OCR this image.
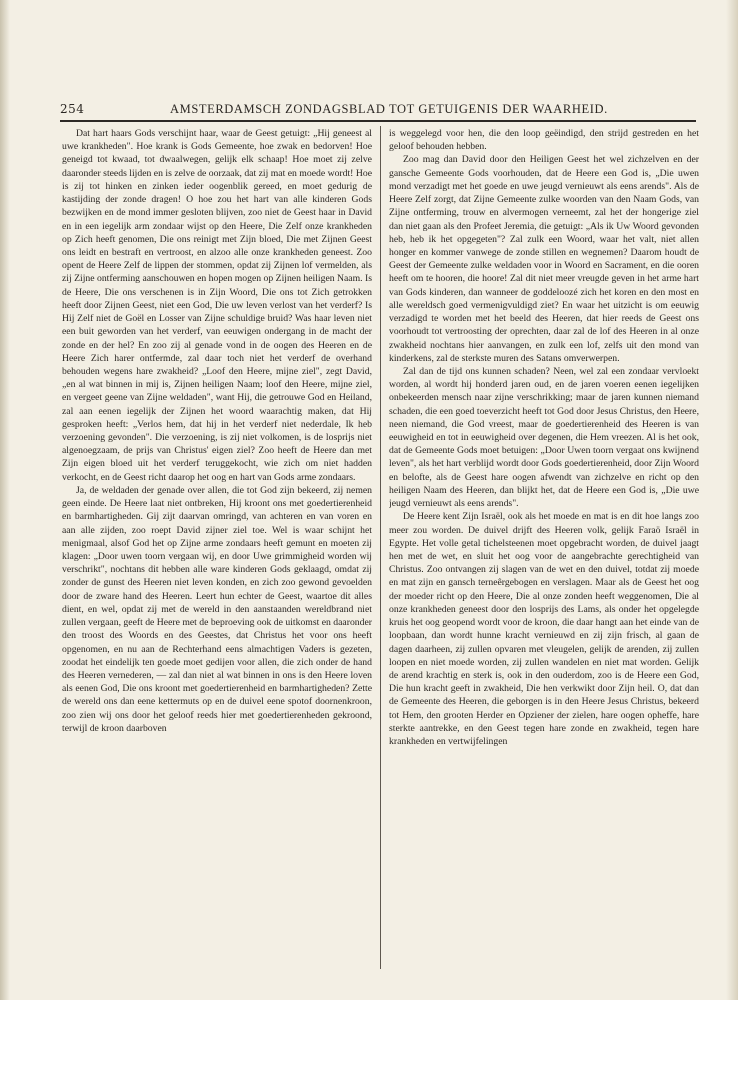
254	AMSTERDAMSCH ZONDAGSBLAD TOT GETUIGENIS DER WAARHEID.

Dat hart haars Gods verschijnt haar, waar de Geest getuigt: „Hij geneest al uwe krankheden". Hoe krank is Gods Gemeente, hoe zwak en bedorven! Hoe geneigd tot kwaad, tot dwaalwegen, gelijk elk schaap! Hoe moet zij zelve daaronder steeds lijden en is zelve de oorzaak, dat zij mat en moede wordt! Hoe is zij tot hinken en zinken ieder oogenblik gereed, en moet gedurig de kastijding der zonde dragen! O hoe zou het hart van alle kinderen Gods bezwijken en de mond immer gesloten blijven, zoo niet de Geest haar in David en in een iegelijk arm zondaar wijst op den Heere, Die Zelf onze krankheden op Zich heeft genomen, Die ons reinigt met Zijn bloed, Die met Zijnen Geest ons leidt en bestraft en vertroost, en alzoo alle onze krankheden geneest. Zoo opent de Heere Zelf de lippen der stommen, opdat zij Zijnen lof vermelden, als zij Zijne ontferming aanschouwen en hopen mogen op Zijnen heiligen Naam. Is de Heere, Die ons verschenen is in Zijn Woord, Die ons tot Zich getrokken heeft door Zijnen Geest, niet een God, Die uw leven verlost van het verderf? Is Hij Zelf niet de Goël en Losser van Zijne schuldige bruid? Was haar leven niet een buit geworden van het verderf, van eeuwigen ondergang in de macht der zonde en der hel? En zoo zij al genade vond in de oogen des Heeren en de Heere Zich harer ontfermde, zal daar toch niet het verderf de overhand behouden wegens hare zwakheid? „Loof den Heere, mijne ziel", zegt David, „en al wat binnen in mij is, Zijnen heiligen Naam; loof den Heere, mijne ziel, en vergeet geene van Zijne weldaden", want Hij, die getrouwe God en Heiland, zal aan eenen iegelijk der Zijnen het woord waarachtig maken, dat Hij gesproken heeft: „Verlos hem, dat hij in het verderf niet nederdale, Ik heb verzoening gevonden". Die verzoening, is zij niet volkomen, is de losprijs niet algenoegzaam, de prijs van Christus' eigen ziel? Zoo heeft de Heere dan met Zijn eigen bloed uit het verderf teruggekocht, wie zich om niet hadden verkocht, en de Geest richt daarop het oog en hart van Gods arme zondaars.

Ja, de weldaden der genade over allen, die tot God zijn bekeerd, zij nemen geen einde. De Heere laat niet ontbreken, Hij kroont ons met goedertierenheid en barmhartigheden. Gij zijt daarvan omringd, van achteren en van voren en aan alle zijden, zoo roept David zijner ziel toe. Wel is waar schijnt het menigmaal, alsof God het op Zijne arme zondaars heeft gemunt en moeten zij klagen: „Door uwen toorn vergaan wij, en door Uwe grimmigheid worden wij verschrikt", nochtans dit hebben alle ware kinderen Gods geklaagd, omdat zij zonder de gunst des Heeren niet leven konden, en zich zoo gewond gevoelden door de zware hand des Heeren. Leert hun echter de Geest, waartoe dit alles dient, en wel, opdat zij met de wereld in den aanstaanden wereldbrand niet zullen vergaan, geeft de Heere met de beproeving ook de uitkomst en daaronder den troost des Woords en des Geestes, dat Christus het voor ons heeft opgenomen, en nu aan de Rechterhand eens almachtigen Vaders is gezeten, zoodat het eindelijk ten goede moet gedijen voor allen, die zich onder de hand des Heeren vernederen, — zal dan niet al wat binnen in ons is den Heere loven als eenen God, Die ons kroont met goedertierenheid en barmhartigheden? Zette de wereld ons dan eene kettermuts op en de duivel eene spotof doornenkroon, zoo zien wij ons door het geloof reeds hier met goedertierenheden gekroond, terwijl de kroon daarboven

is weggelegd voor hen, die den loop geëindigd, den strijd gestreden en het geloof behouden hebben.

Zoo mag dan David door den Heiligen Geest het wel zichzelven en der gansche Gemeente Gods voorhouden, dat de Heere een God is, „Die uwen mond verzadigt met het goede en uwe jeugd vernieuwt als eens arends". Als de Heere Zelf zorgt, dat Zijne Gemeente zulke woorden van den Naam Gods, van Zijne ontferming, trouw en alvermogen verneemt, zal het der hongerige ziel dan niet gaan als den Profeet Jeremia, die getuigt: „Als ik Uw Woord gevonden heb, heb ik het opgegeten"? Zal zulk een Woord, waar het valt, niet allen honger en kommer vanwege de zonde stillen en wegnemen? Daarom houdt de Geest der Gemeente zulke weldaden voor in Woord en Sacrament, en die ooren heeft om te hooren, die hoore! Zal dit niet meer vreugde geven in het arme hart van Gods kinderen, dan wanneer de goddeloozé zich het koren en den most en alle wereldsch goed vermenigvuldigd ziet? En waar het uitzicht is om eeuwig verzadigd te worden met het beeld des Heeren, dat hier reeds de Geest ons voorhoudt tot vertroosting der oprechten, daar zal de lof des Heeren in al onze zwakheid nochtans hier aanvangen, en zulk een lof, zelfs uit den mond van kinderkens, zal de sterkste muren des Satans omverwerpen.

Zal dan de tijd ons kunnen schaden? Neen, wel zal een zondaar vervloekt worden, al wordt hij honderd jaren oud, en de jaren voeren eenen iegelijken onbekeerden mensch naar zijne verschrikking; maar de jaren kunnen niemand schaden, die een goed toeverzicht heeft tot God door Jesus Christus, den Heere, neen niemand, die God vreest, maar de goedertierenheid des Heeren is van eeuwigheid en tot in eeuwigheid over degenen, die Hem vreezen. Al is het ook, dat de Gemeente Gods moet betuigen: „Door Uwen toorn vergaat ons kwijnend leven", als het hart verblijd wordt door Gods goedertierenheid, door Zijn Woord en belofte, als de Geest hare oogen afwendt van zichzelve en richt op den heiligen Naam des Heeren, dan blijkt het, dat de Heere een God is, „Die uwe jeugd vernieuwt als eens arends".

De Heere kent Zijn Israël, ook als het moede en mat is en dit hoe langs zoo meer zou worden. De duivel drijft des Heeren volk, gelijk Faraö Israël in Egypte. Het volle getal tichelsteenen moet opgebracht worden, de duivel jaagt hen met de wet, en sluit het oog voor de aangebrachte gerechtigheid van Christus. Zoo ontvangen zij slagen van de wet en den duivel, totdat zij moede en mat zijn en gansch terneêrgebogen en verslagen. Maar als de Geest het oog der moeder richt op den Heere, Die al onze zonden heeft weggenomen, Die al onze krankheden geneest door den losprijs des Lams, als onder het opgelegde kruis het oog geopend wordt voor de kroon, die daar hangt aan het einde van de loopbaan, dan wordt hunne kracht vernieuwd en zij zijn frisch, al gaan de dagen daarheen, zij zullen opvaren met vleugelen, gelijk de arenden, zij zullen loopen en niet moede worden, zij zullen wandelen en niet mat worden. Gelijk de arend krachtig en sterk is, ook in den ouderdom, zoo is de Heere een God, Die hun kracht geeft in zwakheid, Die hen verkwikt door Zijn heil. O, dat dan de Gemeente des Heeren, die geborgen is in den Heere Jesus Christus, bekeerd tot Hem, den grooten Herder en Opziener der zielen, hare oogen opheffe, hare sterkte aantrekke, en den Geest tegen hare zonde en zwakheid, tegen hare krankheden en vertwijfelingen
